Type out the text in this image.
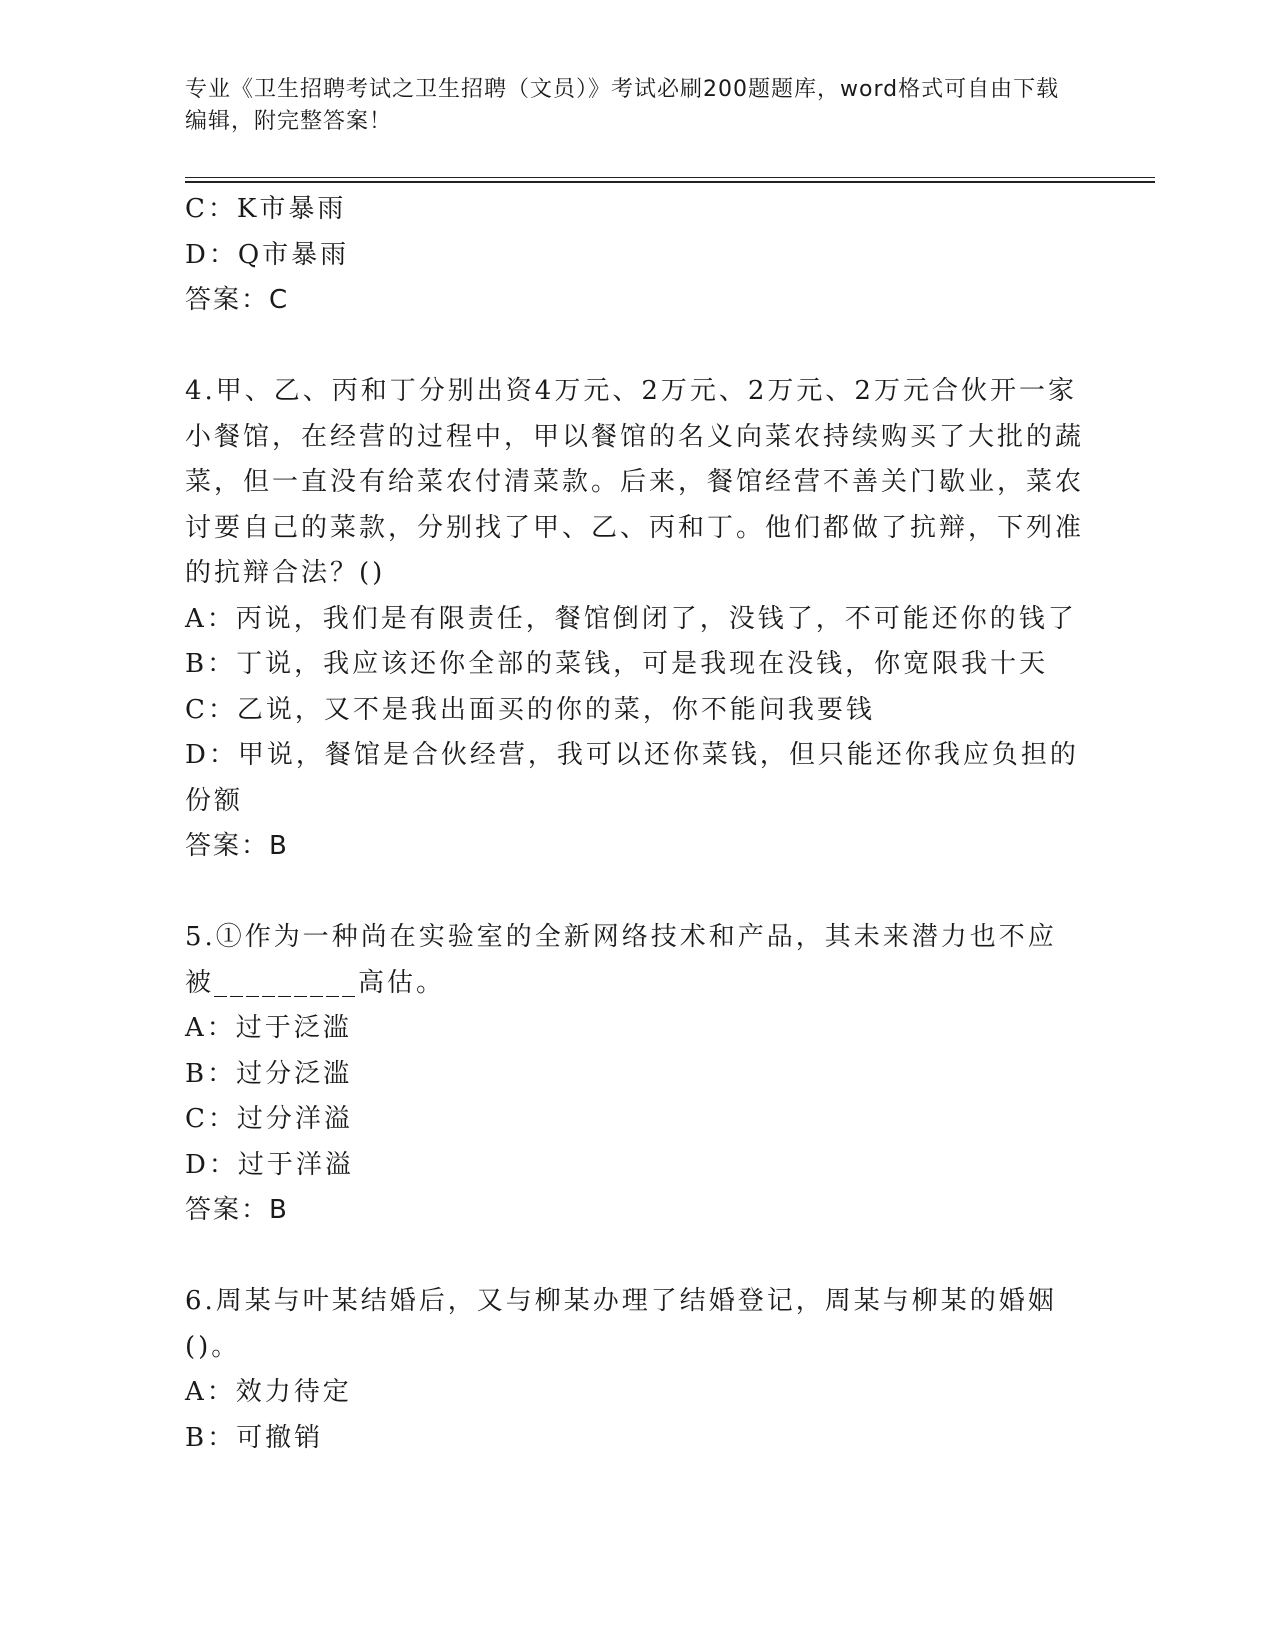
专业《卫生招聘考试之卫生招聘（文员）》考试必刷200题题库，word格式可自由下载编辑，附完整答案！
C：K市暴雨
D：Q市暴雨
答案：C
4.甲、乙、丙和丁分别出资4万元、2万元、2万元、2万元合伙开一家小餐馆，在经营的过程中，甲以餐馆的名义向菜农持续购买了大批的蔬菜，但一直没有给菜农付清菜款。后来，餐馆经营不善关门歇业，菜农讨要自己的菜款，分别找了甲、乙、丙和丁。他们都做了抗辩，下列准的抗辩合法？()
A：丙说，我们是有限责任，餐馆倒闭了，没钱了，不可能还你的钱了
B：丁说，我应该还你全部的菜钱，可是我现在没钱，你宽限我十天
C：乙说，又不是我出面买的你的菜，你不能问我要钱
D：甲说，餐馆是合伙经营，我可以还你菜钱，但只能还你我应负担的份额
答案：B
5.①作为一种尚在实验室的全新网络技术和产品，其未来潜力也不应被_________高估。
A：过于泛滥
B：过分泛滥
C：过分洋溢
D：过于洋溢
答案：B
6.周某与叶某结婚后，又与柳某办理了结婚登记，周某与柳某的婚姻()。
A：效力待定
B：可撤销
